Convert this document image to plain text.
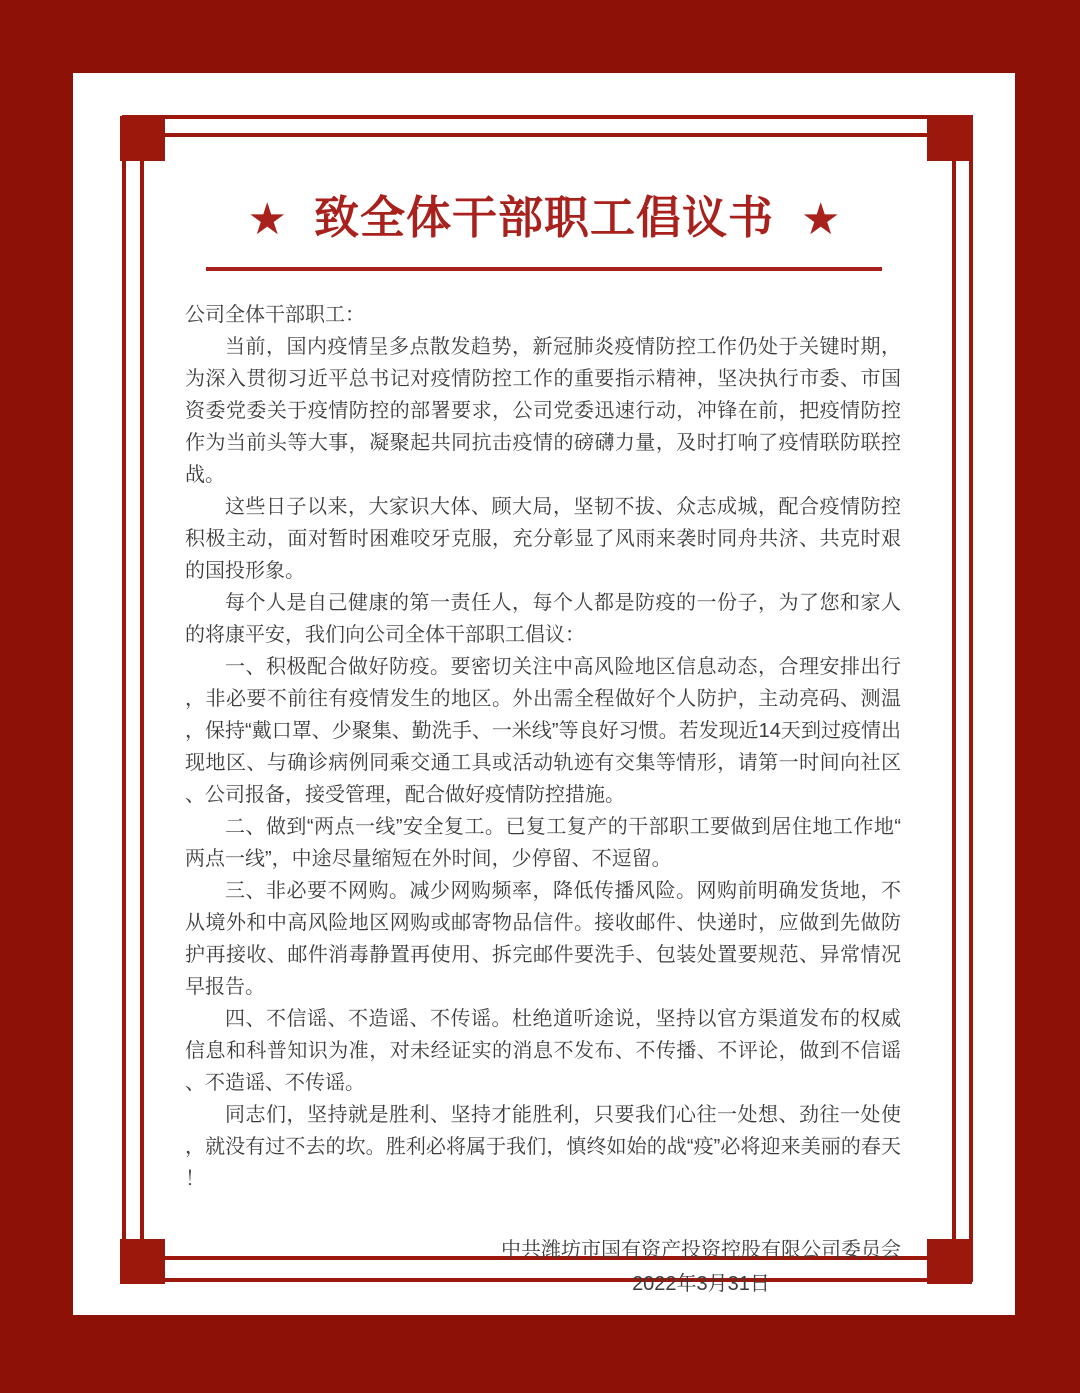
★ 致全体干部职工倡议书 ★

公司全体干部职工：

当前，国内疫情呈多点散发趋势，新冠肺炎疫情防控工作仍处于关键时期，为深入贯彻习近平总书记对疫情防控工作的重要指示精神，坚决执行市委、市国资委党委关于疫情防控的部署要求，公司党委迅速行动，冲锋在前，把疫情防控作为当前头等大事，凝聚起共同抗击疫情的磅礴力量，及时打响了疫情联防联控战。

这些日子以来，大家识大体、顾大局，坚韧不拔、众志成城，配合疫情防控积极主动，面对暂时困难咬牙克服，充分彰显了风雨来袭时同舟共济、共克时艰的国投形象。

每个人是自己健康的第一责任人，每个人都是防疫的一份子，为了您和家人的将康平安，我们向公司全体干部职工倡议：

一、积极配合做好防疫。要密切关注中高风险地区信息动态，合理安排出行，非必要不前往有疫情发生的地区。外出需全程做好个人防护，主动亮码、测温，保持“戴口罩、少聚集、勤洗手、一米线”等良好习惯。若发现近14天到过疫情出现地区、与确诊病例同乘交通工具或活动轨迹有交集等情形，请第一时间向社区、公司报备，接受管理，配合做好疫情防控措施。

二、做到“两点一线”安全复工。已复工复产的干部职工要做到居住地工作地“两点一线”，中途尽量缩短在外时间，少停留、不逗留。

三、非必要不网购。减少网购频率，降低传播风险。网购前明确发货地，不从境外和中高风险地区网购或邮寄物品信件。接收邮件、快递时，应做到先做防护再接收、邮件消毒静置再使用、拆完邮件要洗手、包装处置要规范、异常情况早报告。

四、不信谣、不造谣、不传谣。杜绝道听途说，坚持以官方渠道发布的权威信息和科普知识为准，对未经证实的消息不发布、不传播、不评论，做到不信谣、不造谣、不传谣。

同志们，坚持就是胜利、坚持才能胜利，只要我们心往一处想、劲往一处使，就没有过不去的坎。胜利必将属于我们，慎终如始的战“疫”必将迎来美丽的春天！

中共潍坊市国有资产投资控股有限公司委员会
2022年3月31日
